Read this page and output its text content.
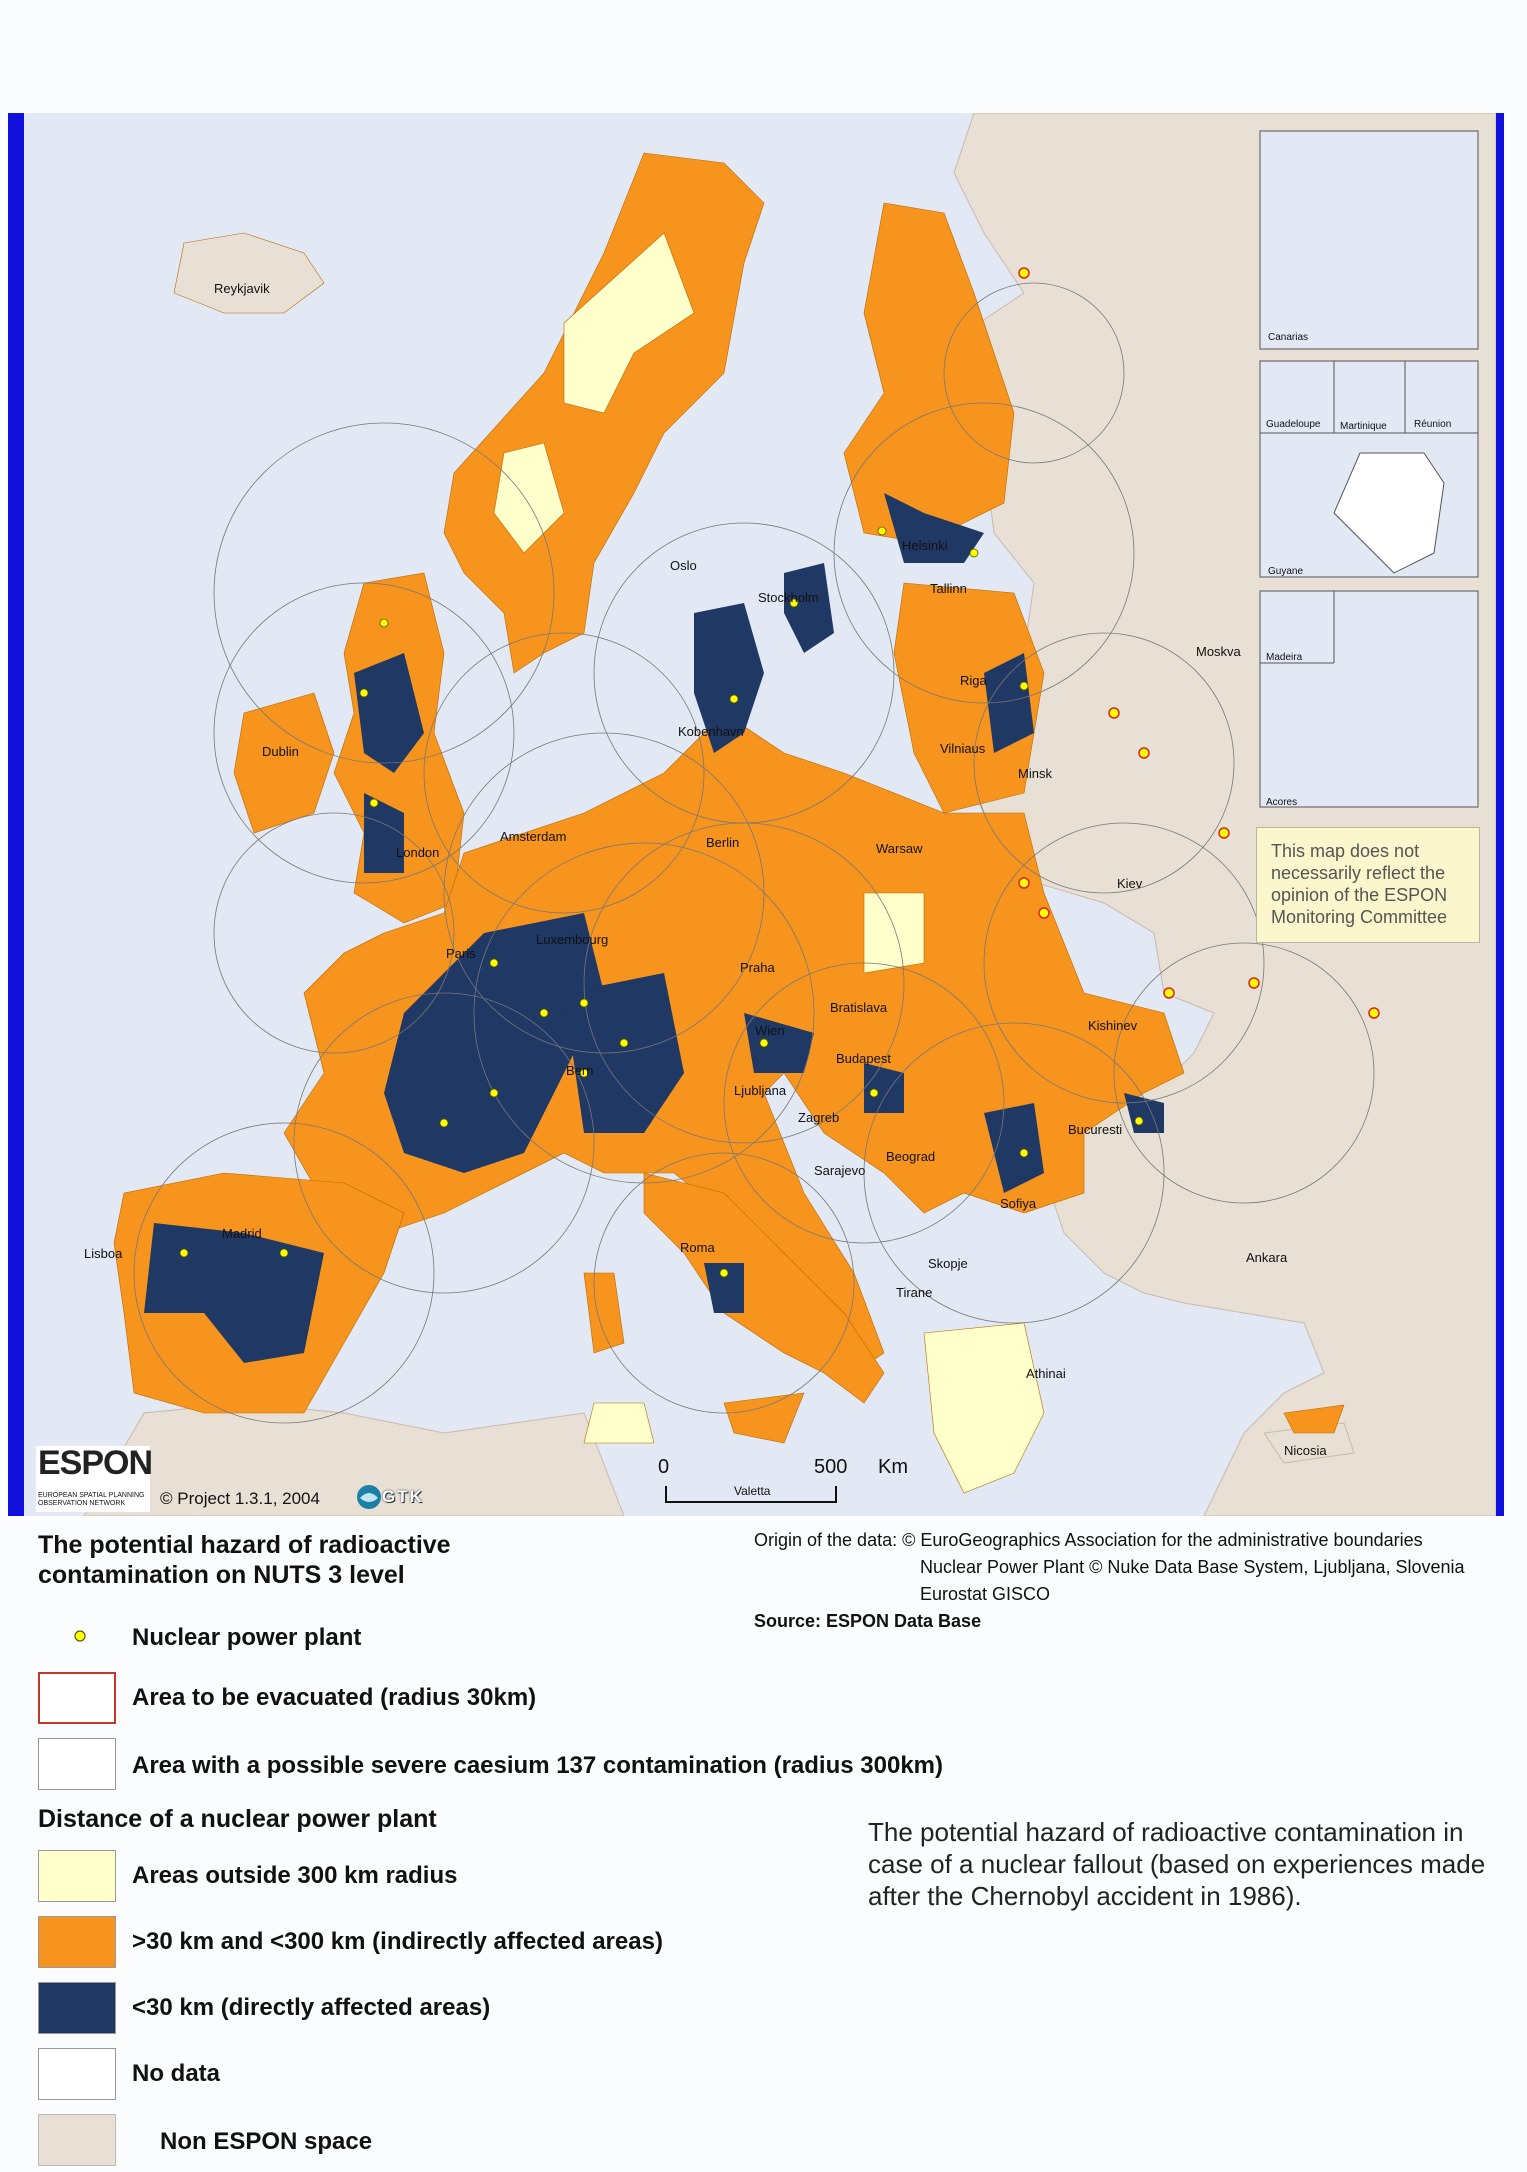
Reykjavik
Oslo
Stockholm
Helsinki
Tallinn
Riga
Moskva
Vilniaus
Minsk
Kobenhavn
Dublin
London
Amsterdam	Berlin	Warsaw
Kiev
Paris
Luxembourg
Praha
Bratislava
Wien
Budapest
Bern
Ljubljana
Zagreb
Kishinev
Bucuresti
Beograd
Sarajevo
Sofiya
Skopje
Tirane
Ankara
Madrid
Lisboa	Roma
Athinai
Valetta
Nicosia
Canarias
Guadeloupe Martinique	Réunion
Guyane
Madeira
Acores
This map does not necessarily reflect the opinion of the ESPON Monitoring Committee
ESPON
EUROPEAN SPATIAL PLANNING OBSERVATION NETWORK	© Project 1.3.1, 2004	GTK
0	500 Km
The potential hazard of radioactive
contamination on NUTS 3 level
Nuclear power plant
Area to be evacuated (radius 30km)
Area with a possible severe caesium 137 contamination (radius 300km)
Distance of a nuclear power plant
Areas outside 300 km radius
>30 km and <300 km (indirectly affected areas)
<30 km (directly affected areas)
No data
Non ESPON space
Origin of the data: © EuroGeographics Association for the administrative boundaries
Nuclear Power Plant © Nuke Data Base System, Ljubljana, Slovenia
Eurostat GISCO
Source: ESPON Data Base
The potential hazard of radioactive contamination in case of a nuclear fallout (based on experiences made after the Chernobyl accident in 1986).
